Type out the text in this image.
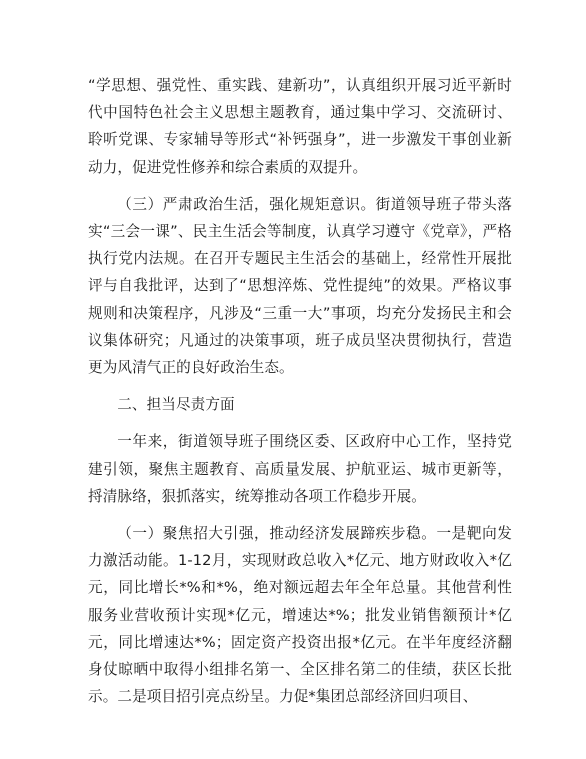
“学思想、强党性、重实践、建新功”，认真组织开展习近平新时代中国特色社会主义思想主题教育，通过集中学习、交流研讨、聆听党课、专家辅导等形式“补钙强身”，进一步激发干事创业新动力，促进党性修养和综合素质的双提升。

（三）严肃政治生活，强化规矩意识。街道领导班子带头落实“三会一课”、民主生活会等制度，认真学习遵守《党章》，严格执行党内法规。在召开专题民主生活会的基础上，经常性开展批评与自我批评，达到了“思想淬炼、党性提纯”的效果。严格议事规则和决策程序，凡涉及“三重一大”事项，均充分发扬民主和会议集体研究；凡通过的决策事项，班子成员坚决贯彻执行，营造更为风清气正的良好政治生态。

二、担当尽责方面

一年来，街道领导班子围绕区委、区政府中心工作，坚持党建引领，聚焦主题教育、高质量发展、护航亚运、城市更新等，捋清脉络，狠抓落实，统筹推动各项工作稳步开展。

（一）聚焦招大引强，推动经济发展蹄疾步稳。一是靶向发力激活动能。1-12月，实现财政总收入*亿元、地方财政收入*亿元，同比增长*%和*%，绝对额远超去年全年总量。其他营利性服务业营收预计实现*亿元，增速达*%；批发业销售额预计*亿元，同比增速达*%；固定资产投资出报*亿元。在半年度经济翻身仗晾晒中取得小组排名第一、全区排名第二的佳绩，获区长批示。二是项目招引亮点纷呈。力促*集团总部经济回归项目、
